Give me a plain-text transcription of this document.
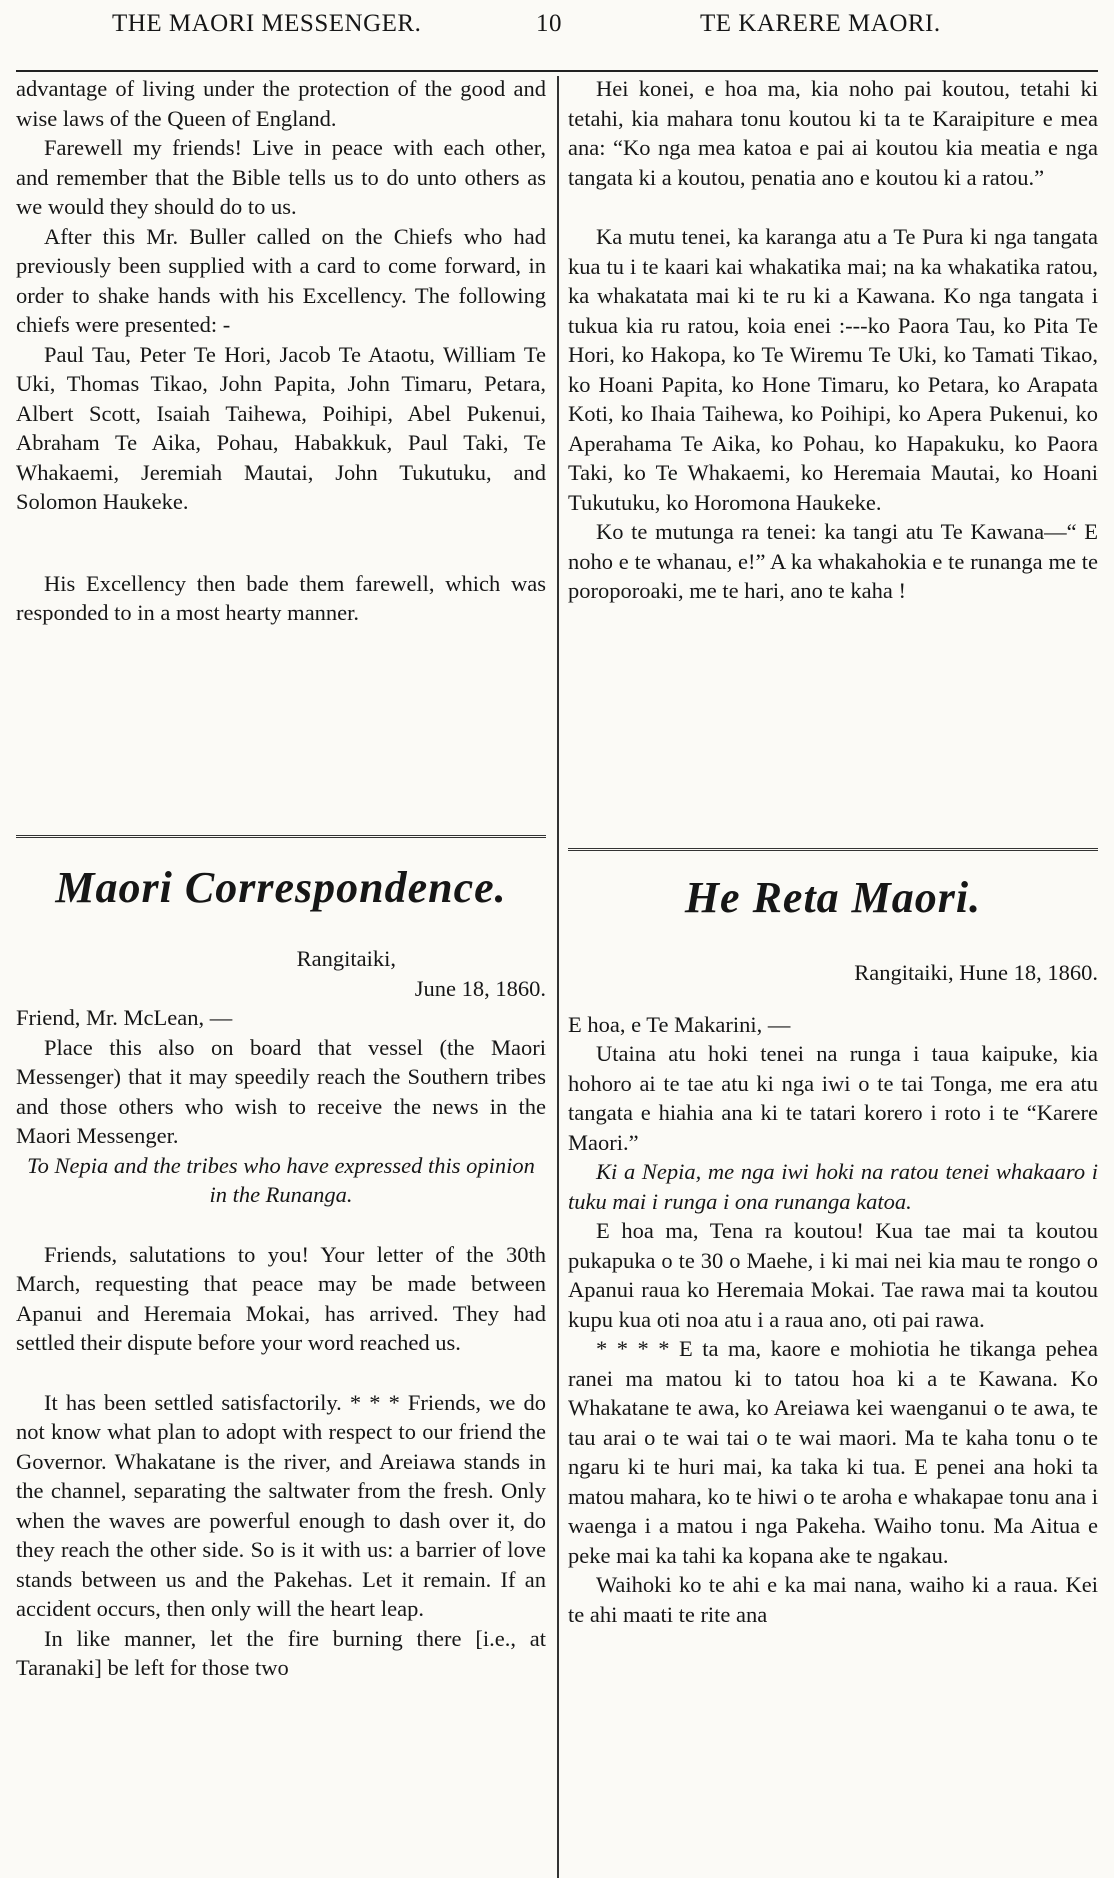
THE MAORI MESSENGER.	10	TE KARERE MAORI.

advantage of living under the protection of the good and wise laws of the Queen of England.

Farewell my friends! Live in peace with each other, and remember that the Bible tells us to do unto others as we would they should do to us.

After this Mr. Buller called on the Chiefs who had previously been supplied with a card to come forward, in order to shake hands with his Excellency. The following chiefs were presented: -

Paul Tau, Peter Te Hori, Jacob Te Ataotu, William Te Uki, Thomas Tikao, John Papita, John Timaru, Petara, Albert Scott, Isaiah Taihewa, Poihipi, Abel Pukenui, Abraham Te Aika, Pohau, Habakkuk, Paul Taki, Te Whakaemi, Jeremiah Mautai, John Tukutuku, and Solomon Haukeke.

His Excellency then bade them farewell, which was responded to in a most hearty manner.

Hei konei, e hoa ma, kia noho pai koutou, tetahi ki tetahi, kia mahara tonu koutou ki ta te Karaipiture e mea ana: “Ko nga mea katoa e pai ai koutou kia meatia e nga tangata ki a koutou, penatia ano e koutou ki a ratou.”

Ka mutu tenei, ka karanga atu a Te Pura ki nga tangata kua tu i te kaari kai whakatika mai; na ka whakatika ratou, ka whakatata mai ki te ru ki a Kawana. Ko nga tangata i tukua kia ru ratou, koia enei :---ko Paora Tau, ko Pita Te Hori, ko Hakopa, ko Te Wiremu Te Uki, ko Tamati Tikao, ko Hoani Papita, ko Hone Timaru, ko Petara, ko Arapata Koti, ko Ihaia Taihewa, ko Poihipi, ko Apera Pukenui, ko Aperahama Te Aika, ko Pohau, ko Hapakuku, ko Paora Taki, ko Te Whakaemi, ko Heremaia Mautai, ko Hoani Tukutuku, ko Horomona Haukeke.

Ko te mutunga ra tenei: ka tangi atu Te Kawana—“ E noho e te whanau, e!” A ka whakahokia e te runanga me te poroporoaki, me te hari, ano te kaha !

Maori Correspondence.	He Reta Maori.

Rangitaiki,

June 18, 1860.

Friend, Mr. McLean, —

Place this also on board that vessel (the Maori Messenger) that it may speedily reach the Southern tribes and those others who wish to receive the news in the Maori Messenger.

To Nepia and the tribes who have expressed this opinion in the Runanga.

Friends, salutations to you! Your letter of the 30th March, requesting that peace may be made between Apanui and Heremaia Mokai, has arrived. They had settled their dispute before your word reached us.

It has been settled satisfactorily. * * * Friends, we do not know what plan to adopt with respect to our friend the Governor. Whakatane is the river, and Areiawa stands in the channel, separating the saltwater from the fresh. Only when the waves are powerful enough to dash over it, do they reach the other side. So is it with us: a barrier of love stands between us and the Pakehas. Let it remain. If an accident occurs, then only will the heart leap.

In like manner, let the fire burning there [i.e., at Taranaki] be left for those two

Rangitaiki, Hune 18, 1860.

E hoa, e Te Makarini, —

Utaina atu hoki tenei na runga i taua kaipuke, kia hohoro ai te tae atu ki nga iwi o te tai Tonga, me era atu tangata e hiahia ana ki te tatari korero i roto i te “Karere Maori.”

Ki a Nepia, me nga iwi hoki na ratou tenei whakaaro i tuku mai i runga i ona runanga katoa.

E hoa ma, Tena ra koutou! Kua tae mai ta koutou pukapuka o te 30 o Maehe, i ki mai nei kia mau te rongo o Apanui raua ko Heremaia Mokai. Tae rawa mai ta koutou kupu kua oti noa atu i a raua ano, oti pai rawa.

* * * * E ta ma, kaore e mohiotia he tikanga pehea ranei ma matou ki to tatou hoa ki a te Kawana. Ko Whakatane te awa, ko Areiawa kei waenganui o te awa, te tau arai o te wai tai o te wai maori. Ma te kaha tonu o te ngaru ki te huri mai, ka taka ki tua. E penei ana hoki ta matou mahara, ko te hiwi o te aroha e whakapae tonu ana i waenga i a matou i nga Pakeha. Waiho tonu. Ma Aitua e peke mai ka tahi ka kopana ake te ngakau.

Waihoki ko te ahi e ka mai nana, waiho ki a raua. Kei te ahi maati te rite ana
